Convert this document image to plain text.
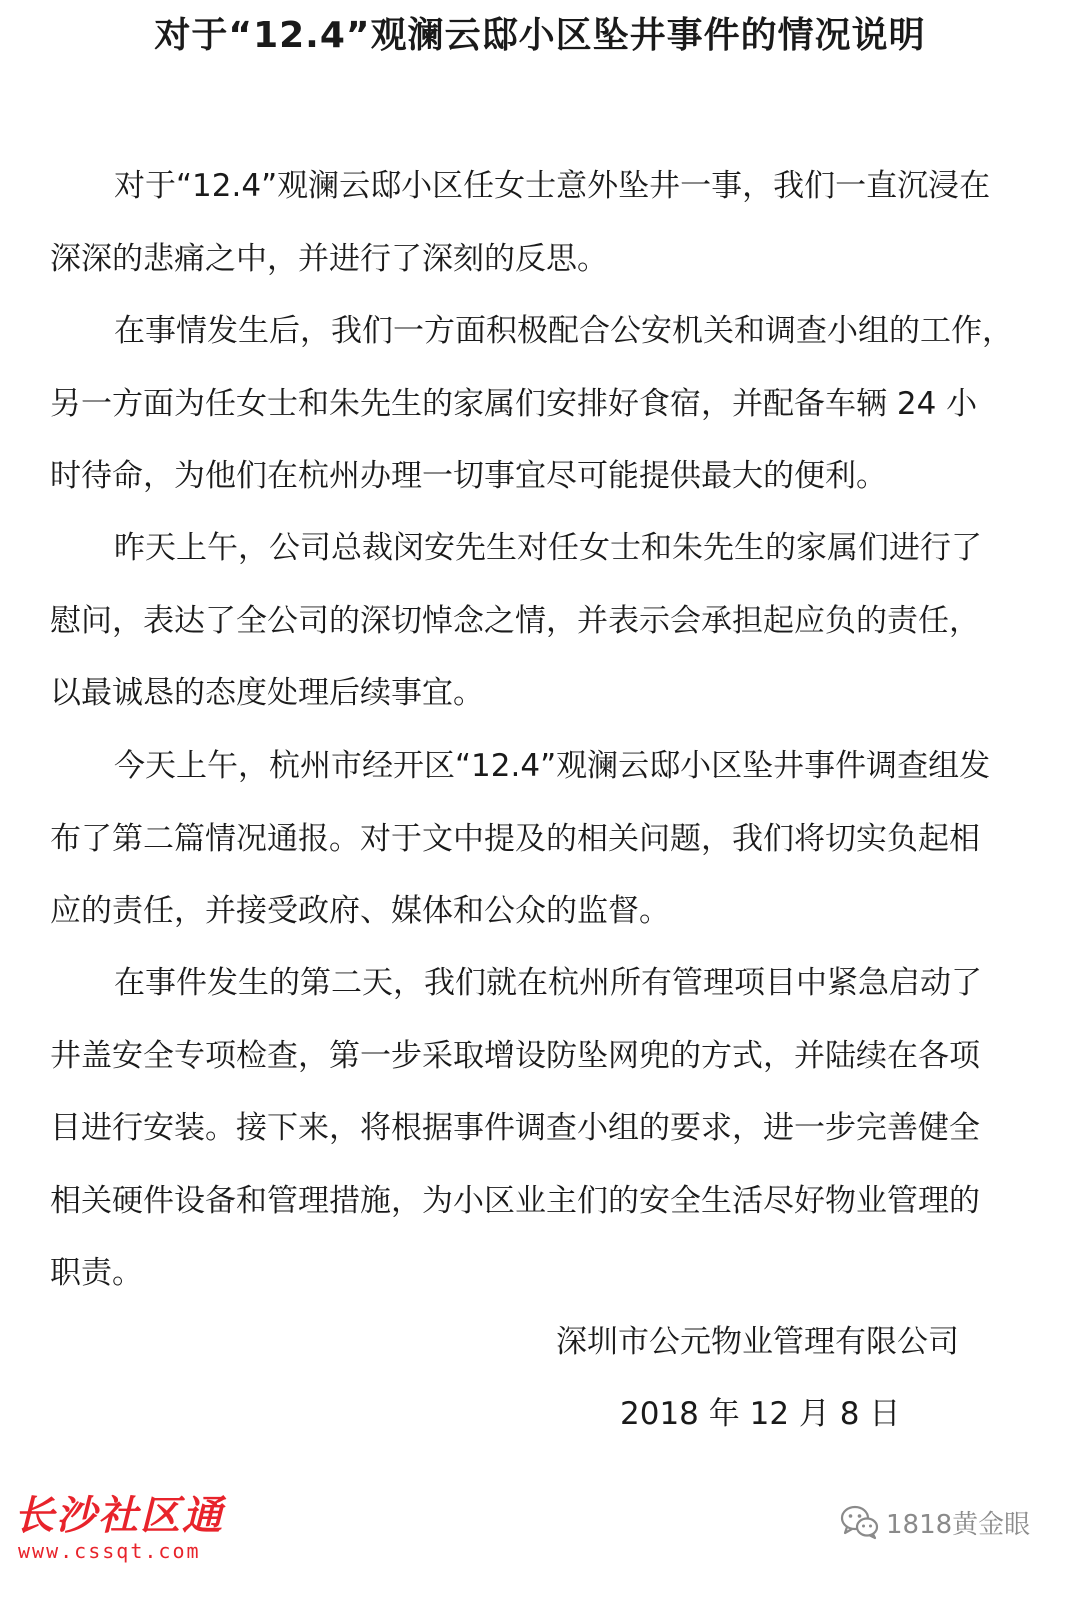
对于“12.4”观澜云邸小区坠井事件的情况说明
对于“12.4”观澜云邸小区任女士意外坠井一事，我们一直沉浸在
深深的悲痛之中，并进行了深刻的反思。
在事情发生后，我们一方面积极配合公安机关和调查小组的工作，
另一方面为任女士和朱先生的家属们安排好食宿，并配备车辆 24 小
时待命，为他们在杭州办理一切事宜尽可能提供最大的便利。
昨天上午，公司总裁闵安先生对任女士和朱先生的家属们进行了
慰问，表达了全公司的深切悼念之情，并表示会承担起应负的责任，
以最诚恳的态度处理后续事宜。
今天上午，杭州市经开区“12.4”观澜云邸小区坠井事件调查组发
布了第二篇情况通报。对于文中提及的相关问题，我们将切实负起相
应的责任，并接受政府、媒体和公众的监督。
在事件发生的第二天，我们就在杭州所有管理项目中紧急启动了
井盖安全专项检查，第一步采取增设防坠网兜的方式，并陆续在各项
目进行安装。接下来，将根据事件调查小组的要求，进一步完善健全
相关硬件设备和管理措施，为小区业主们的安全生活尽好物业管理的
职责。
深圳市公元物业管理有限公司
2018 年 12 月 8 日
长沙社区通
www.cssqt.com
1818黄金眼
